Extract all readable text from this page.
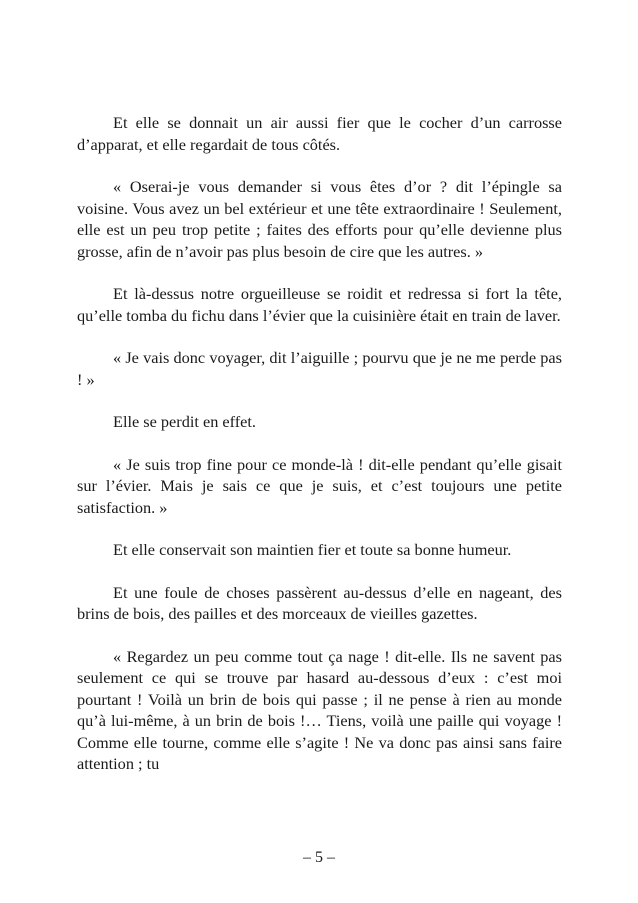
Et elle se donnait un air aussi fier que le cocher d’un carrosse d’apparat, et elle regardait de tous côtés.

« Oserai-je vous demander si vous êtes d’or ? dit l’épingle sa voisine. Vous avez un bel extérieur et une tête extraordinaire ! Seulement, elle est un peu trop petite ; faites des efforts pour qu’elle devienne plus grosse, afin de n’avoir pas plus besoin de cire que les autres. »

Et là-dessus notre orgueilleuse se roidit et redressa si fort la tête, qu’elle tomba du fichu dans l’évier que la cuisinière était en train de laver.

« Je vais donc voyager, dit l’aiguille ; pourvu que je ne me perde pas ! »

Elle se perdit en effet.

« Je suis trop fine pour ce monde-là ! dit-elle pendant qu’elle gisait sur l’évier. Mais je sais ce que je suis, et c’est toujours une petite satisfaction. »

Et elle conservait son maintien fier et toute sa bonne humeur.

Et une foule de choses passèrent au-dessus d’elle en nageant, des brins de bois, des pailles et des morceaux de vieilles gazettes.

« Regardez un peu comme tout ça nage ! dit-elle. Ils ne savent pas seulement ce qui se trouve par hasard au-dessous d’eux : c’est moi pourtant ! Voilà un brin de bois qui passe ; il ne pense à rien au monde qu’à lui-même, à un brin de bois !… Tiens, voilà une paille qui voyage ! Comme elle tourne, comme elle s’agite ! Ne va donc pas ainsi sans faire attention ; tu

– 5 –
